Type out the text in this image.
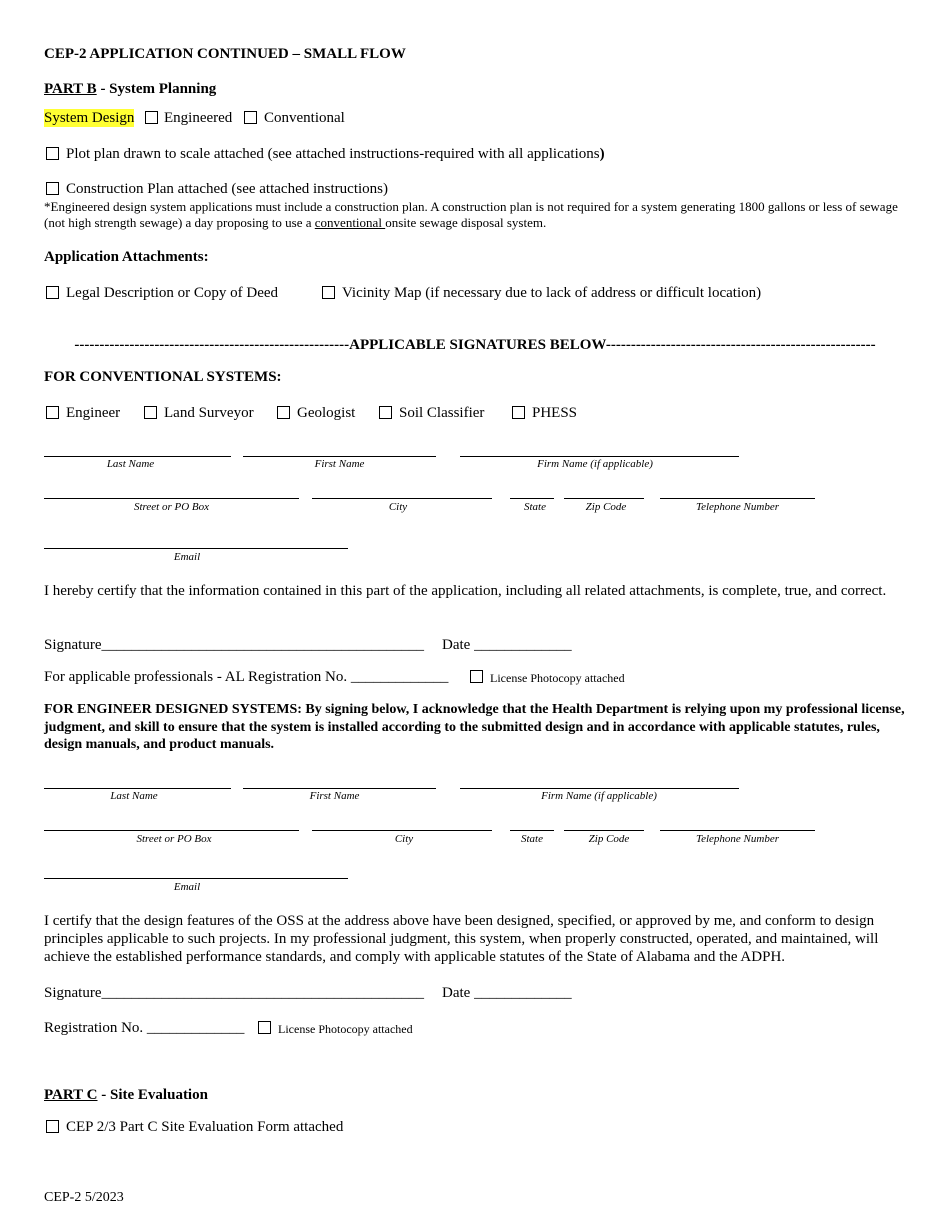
CEP-2 APPLICATION CONTINUED – SMALL FLOW
PART B - System Planning
System Design Engineered Conventional
Plot plan drawn to scale attached (see attached instructions-required with all applications)
Construction Plan attached (see attached instructions)
*Engineered design system applications must include a construction plan. A construction plan is not required for a system generating 1800 gallons or less of sewage (not high strength sewage) a day proposing to use a conventional onsite sewage disposal system.
Application Attachments:
Legal Description or Copy of Deed	Vicinity Map (if necessary due to lack of address or difficult location)
-------------------------------------------------------APPLICABLE SIGNATURES BELOW------------------------------------------------------
FOR CONVENTIONAL SYSTEMS:
Engineer	Land Surveyor	Geologist	Soil Classifier	PHESS
Last Name	First Name	Firm Name (if applicable)
Street or PO Box	City	State	Zip Code	Telephone Number
Email
I hereby certify that the information contained in this part of the application, including all related attachments, is complete, true, and correct.
Signature___________________________________________ Date _____________
For applicable professionals - AL Registration No. _____________	License Photocopy attached
FOR ENGINEER DESIGNED SYSTEMS: By signing below, I acknowledge that the Health Department is relying upon my professional license, judgment, and skill to ensure that the system is installed according to the submitted design and in accordance with applicable statutes, rules, design manuals, and product manuals.
Last Name	First Name	Firm Name (if applicable)
Street or PO Box	City	State	Zip Code	Telephone Number
Email
I certify that the design features of the OSS at the address above have been designed, specified, or approved by me, and conform to design principles applicable to such projects. In my professional judgment, this system, when properly constructed, operated, and maintained, will achieve the established performance standards, and comply with applicable statutes of the State of Alabama and the ADPH.
Signature___________________________________________ Date _____________
Registration No. _____________	License Photocopy attached
PART C - Site Evaluation
CEP 2/3 Part C Site Evaluation Form attached
CEP-2 5/2023
